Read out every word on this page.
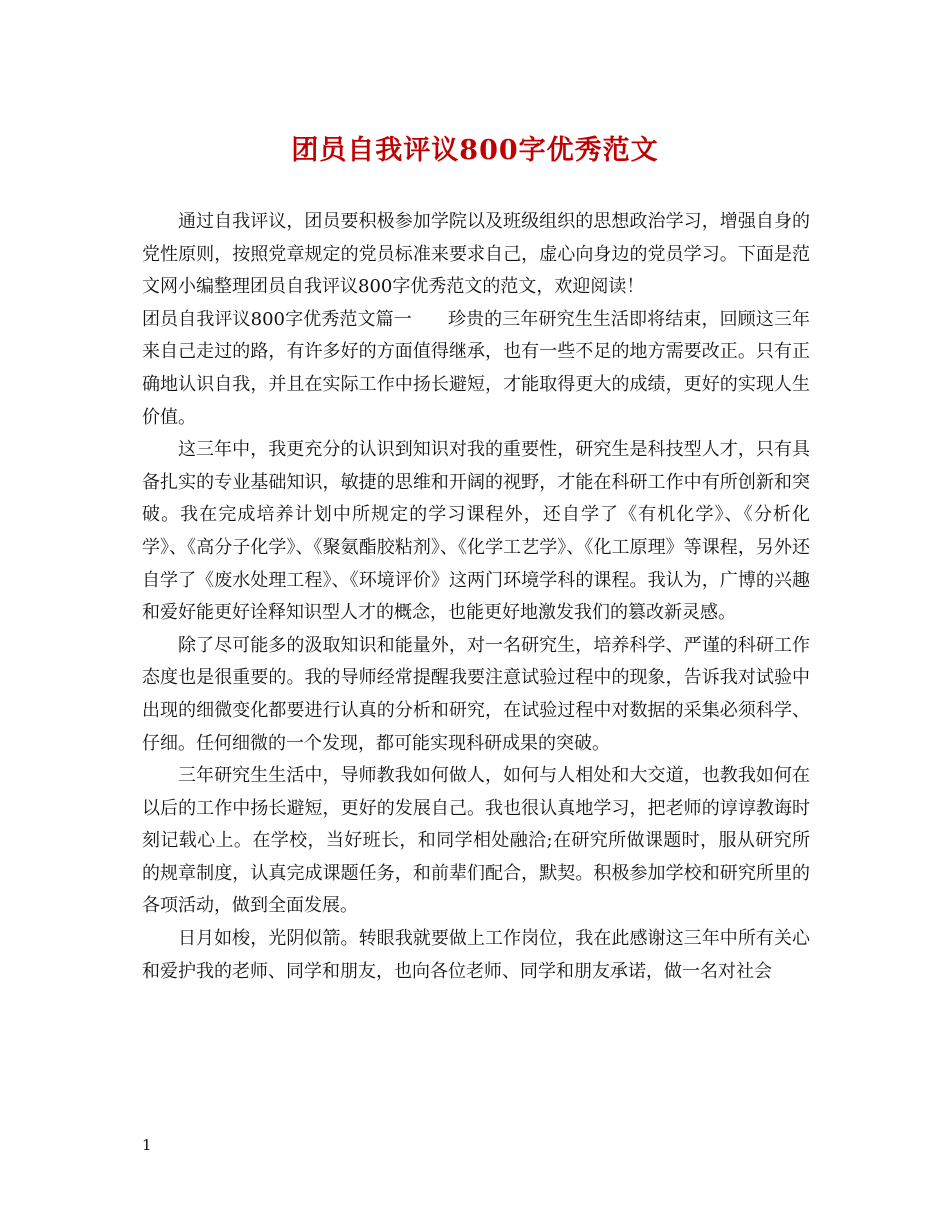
团员自我评议800字优秀范文

通过自我评议，团员要积极参加学院以及班级组织的思想政治学习，增强自身的党性原则，按照党章规定的党员标准来要求自己，虚心向身边的党员学习。下面是范文网小编整理团员自我评议800字优秀范文的范文，欢迎阅读！

团员自我评议800字优秀范文篇一 珍贵的三年研究生生活即将结束，回顾这三年来自己走过的路，有许多好的方面值得继承，也有一些不足的地方需要改正。只有正确地认识自我，并且在实际工作中扬长避短，才能取得更大的成绩，更好的实现人生价值。

这三年中，我更充分的认识到知识对我的重要性，研究生是科技型人才，只有具备扎实的专业基础知识，敏捷的思维和开阔的视野，才能在科研工作中有所创新和突破。我在完成培养计划中所规定的学习课程外，还自学了《有机化学》、《分析化学》、《高分子化学》、《聚氨酯胶粘剂》、《化学工艺学》、《化工原理》等课程，另外还自学了《废水处理工程》、《环境评价》这两门环境学科的课程。我认为，广博的兴趣和爱好能更好诠释知识型人才的概念，也能更好地激发我们的篡改新灵感。

除了尽可能多的汲取知识和能量外，对一名研究生，培养科学、严谨的科研工作态度也是很重要的。我的导师经常提醒我要注意试验过程中的现象，告诉我对试验中出现的细微变化都要进行认真的分析和研究，在试验过程中对数据的采集必须科学、仔细。任何细微的一个发现，都可能实现科研成果的突破。

三年研究生生活中，导师教我如何做人，如何与人相处和大交道，也教我如何在以后的工作中扬长避短，更好的发展自己。我也很认真地学习，把老师的谆谆教诲时刻记载心上。在学校，当好班长，和同学相处融洽;在研究所做课题时，服从研究所的规章制度，认真完成课题任务，和前辈们配合，默契。积极参加学校和研究所里的各项活动，做到全面发展。

日月如梭，光阴似箭。转眼我就要做上工作岗位，我在此感谢这三年中所有关心和爱护我的老师、同学和朋友，也向各位老师、同学和朋友承诺，做一名对社会

1
